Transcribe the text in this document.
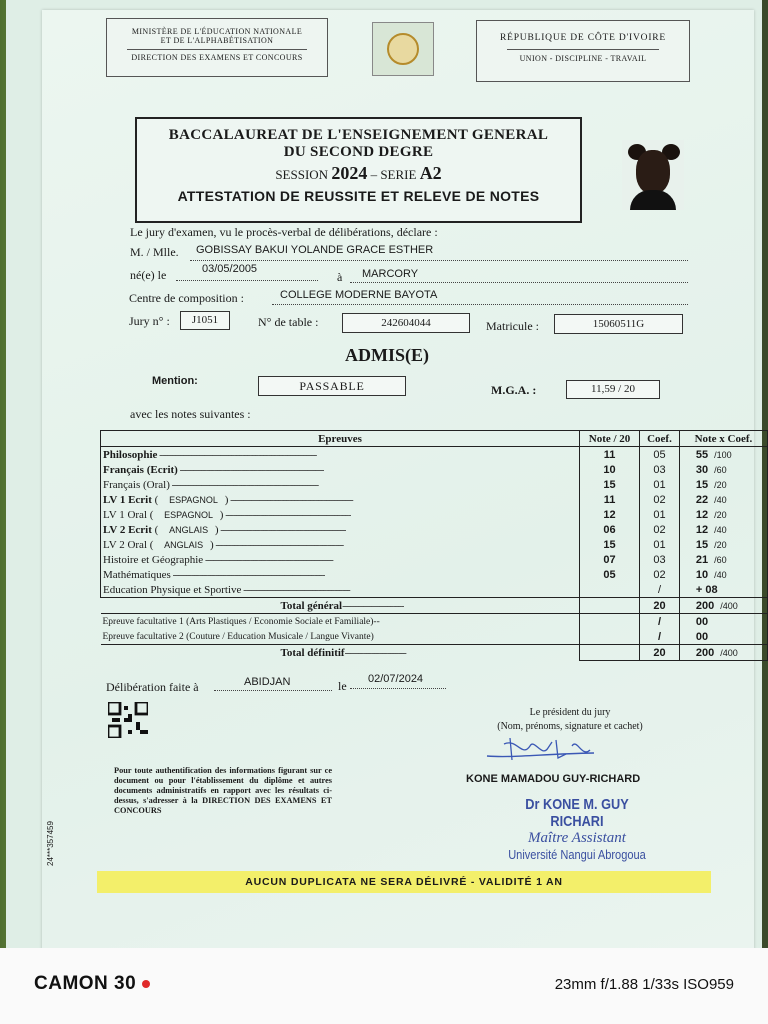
MINISTÈRE DE L'ÉDUCATION NATIONALE
ET DE L'ALPHABÉTISATION
DIRECTION DES EXAMENS ET CONCOURS
RÉPUBLIQUE DE CÔTE D'IVOIRE
UNION - DISCIPLINE - TRAVAIL
BACCALAUREAT DE L'ENSEIGNEMENT GENERAL
DU SECOND DEGRE
SESSION 2024 – SERIE A2
ATTESTATION DE REUSSITE ET RELEVE DE NOTES
Le jury d'examen, vu le procès-verbal de délibérations, déclare :
M. / Mlle. GOBISSAY BAKUI YOLANDE GRACE ESTHER
né(e) le	03/05/2005
à MARCORY
Centre de composition :	COLLEGE MODERNE BAYOTA
Jury n° :	J1051	N° de table :	242604044	Matricule :	15060511G
ADMIS(E)
Mention:	PASSABLE	M.G.A. :	11,59 / 20
avec les notes suivantes :
Epreuves	Note / 20	Coef.	Note x Coef.
Philosophie -----------------------------------------------------------	11	05	55 /100
Français (Ecrit) ------------------------------------------------------	10	03	30 /60
Français (Oral) -------------------------------------------------------	15	01	15 /20
LV 1 Ecrit ( ESPAGNOL ) ----------------------------------------------	11	02	22 /40
LV 1 Oral ( ESPAGNOL ) -----------------------------------------------	12	01	12 /20
LV 2 Ecrit ( ANGLAIS ) -----------------------------------------------	06	02	12 /40
LV 2 Oral ( ANGLAIS ) ------------------------------------------------	15	01	15 /20
Histoire et Géographie ------------------------------------------------	07	03	21 /60
Mathématiques ---------------------------------------------------------	05	02	10 /40
Education Physique et Sportive ----------------------------------------		/	+ 08
Total général-----------------------		20	200 /400
Epreuve facultative 1 (Arts Plastiques / Economie Sociale et Familiale)--		/	00
Epreuve facultative 2 (Couture / Education Musicale / Langue Vivante)		/	00
Total définitif-----------------------		20	200 /400
Délibération faite à	ABIDJAN	le 02/07/2024
Pour toute authentification des informations figurant sur ce document ou pour l'établissement du diplôme et autres documents administratifs en rapport avec les résultats ci-dessus, s'adresser à la DIRECTION DES EXAMENS ET CONCOURS
Le président du jury
(Nom, prénoms, signature et cachet)
KONE MAMADOU GUY-RICHARD
Dr KONE M. GUY RICHARI
Maître Assistant
Université Nangui Abrogoua
24***357459
AUCUN DUPLICATA NE SERA DÉLIVRÉ - VALIDITÉ 1 AN
CAMON 30	23mm f/1.88 1/33s ISO959
